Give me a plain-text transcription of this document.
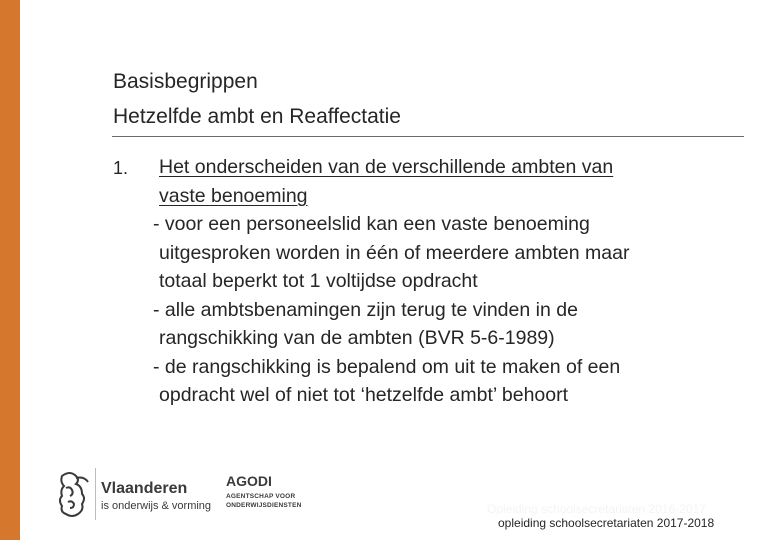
Basisbegrippen
Hetzelfde ambt en Reaffectatie
1. Het onderscheiden van de verschillende ambten van
vaste benoeming
- voor een personeelslid kan een vaste benoeming
uitgesproken worden in één of meerdere ambten maar
totaal beperkt tot 1 voltijdse opdracht
- alle ambtsbenamingen zijn terug te vinden in de
rangschikking van de ambten (BVR 5-6-1989)
- de rangschikking is bepalend om uit te maken of een
opdracht wel of niet tot ‘hetzelfde ambt’ behoort
Vlaanderen
is onderwijs & vorming
AGODI
AGENTSCHAP VOOR
ONDERWIJSDIENSTEN	Opleiding schoolsecretariaten 2016-2017
opleiding schoolsecretariaten 2017-2018
